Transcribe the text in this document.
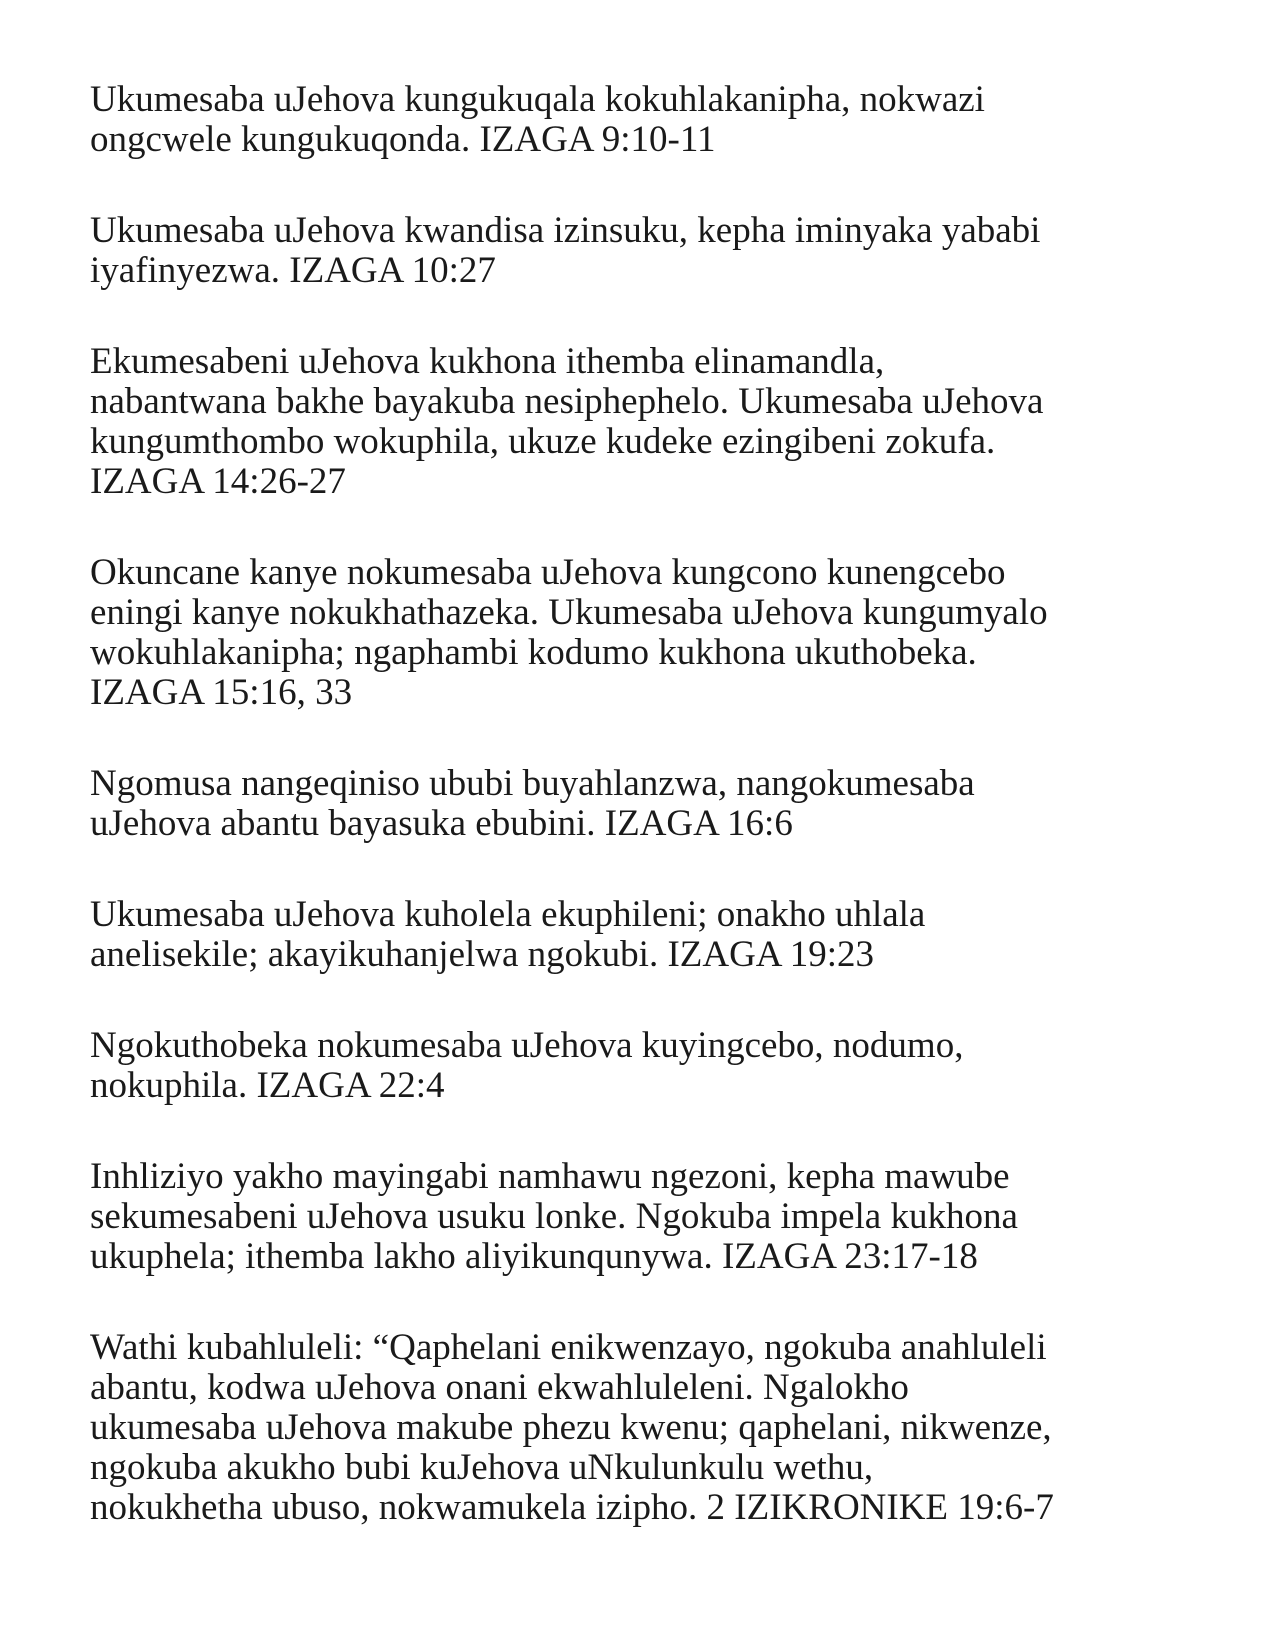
Ukumesaba uJehova kungukuqala kokuhlakanipha, nokwazi
ongcwele kungukuqonda. IZAGA 9:10-11

Ukumesaba uJehova kwandisa izinsuku, kepha iminyaka yababi
iyafinyezwa. IZAGA 10:27

Ekumesabeni uJehova kukhona ithemba elinamandla,
nabantwana bakhe bayakuba nesiphephelo. Ukumesaba uJehova
kungumthombo wokuphila, ukuze kudeke ezingibeni zokufa.
IZAGA 14:26-27

Okuncane kanye nokumesaba uJehova kungcono kunengcebo
eningi kanye nokukhathazeka. Ukumesaba uJehova kungumyalo
wokuhlakanipha; ngaphambi kodumo kukhona ukuthobeka.
IZAGA 15:16, 33

Ngomusa nangeqiniso ububi buyahlanzwa, nangokumesaba
uJehova abantu bayasuka ebubini. IZAGA 16:6

Ukumesaba uJehova kuholela ekuphileni; onakho uhlala
anelisekile; akayikuhanjelwa ngokubi. IZAGA 19:23

Ngokuthobeka nokumesaba uJehova kuyingcebo, nodumo,
nokuphila. IZAGA 22:4

Inhliziyo yakho mayingabi namhawu ngezoni, kepha mawube
sekumesabeni uJehova usuku lonke. Ngokuba impela kukhona
ukuphela; ithemba lakho aliyikunqunywa. IZAGA 23:17-18

Wathi kubahluleli: “Qaphelani enikwenzayo, ngokuba anahluleli
abantu, kodwa uJehova onani ekwahluleleni. Ngalokho
ukumesaba uJehova makube phezu kwenu; qaphelani, nikwenze,
ngokuba akukho bubi kuJehova uNkulunkulu wethu,
nokukhetha ubuso, nokwamukela izipho. 2 IZIKRONIKE 19:6-7
